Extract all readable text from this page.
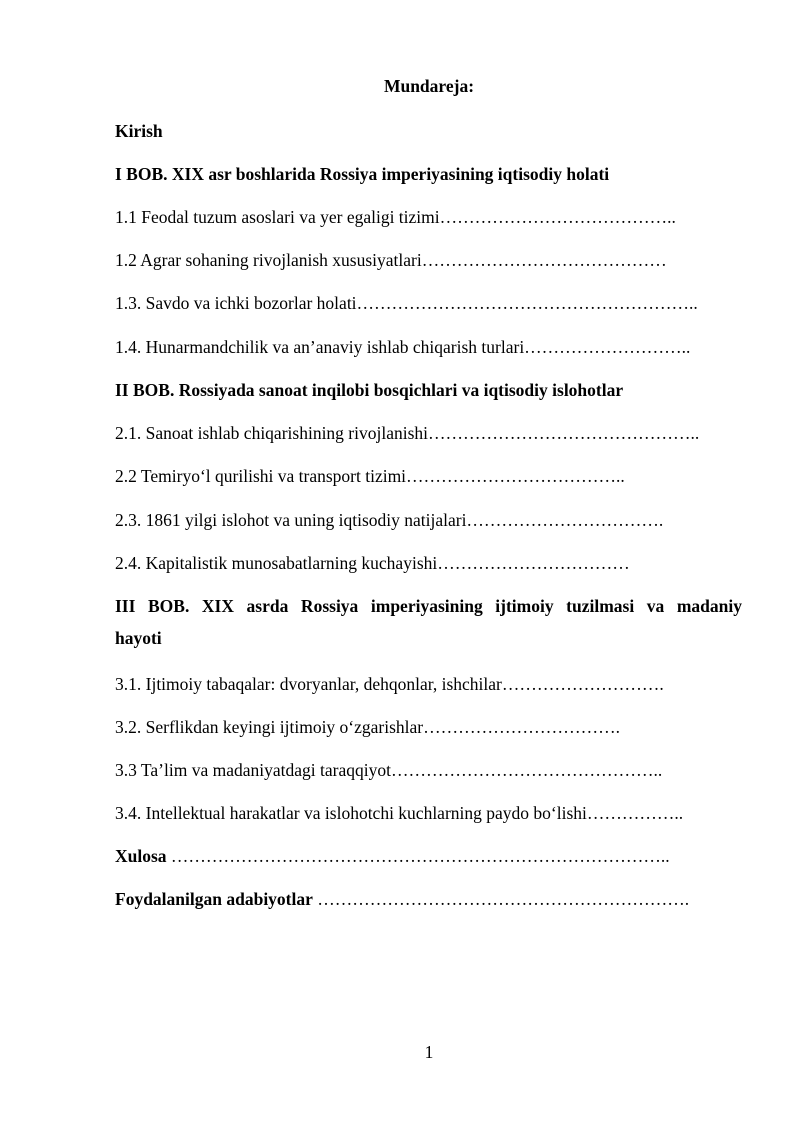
Mundareja:
Kirish
I BOB. XIX asr boshlarida Rossiya imperiyasining iqtisodiy holati
1.1 Feodal tuzum asoslari va yer egaligi tizimi…………………………………..
1.2 Agrar sohaning rivojlanish xususiyatlari……………………………………
1.3. Savdo va ichki bozorlar holati…………………………………………………..
1.4. Hunarmandchilik va an’anaviy ishlab chiqarish turlari………………………..
II BOB. Rossiyada sanoat inqilobi bosqichlari va iqtisodiy islohotlar
2.1. Sanoat ishlab chiqarishining rivojlanishi………………………………………..
2.2 Temiryo‘l qurilishi va transport tizimi………………………………..
2.3. 1861 yilgi islohot va uning iqtisodiy natijalari…………………………….
2.4. Kapitalistik munosabatlarning kuchayishi……………………………
III BOB. XIX asrda Rossiya imperiyasining ijtimoiy tuzilmasi va madaniy
hayoti
3.1. Ijtimoiy tabaqalar: dvoryanlar, dehqonlar, ishchilar……………………….
3.2. Serflikdan keyingi ijtimoiy o‘zgarishlar…………………………….
3.3 Ta’lim va madaniyatdagi taraqqiyot………………………………………..
3.4. Intellektual harakatlar va islohotchi kuchlarning paydo bo‘lishi……………..
Xulosa …………………………………………………………………………..
Foydalanilgan adabiyotlar ……………………………………………………….
1
